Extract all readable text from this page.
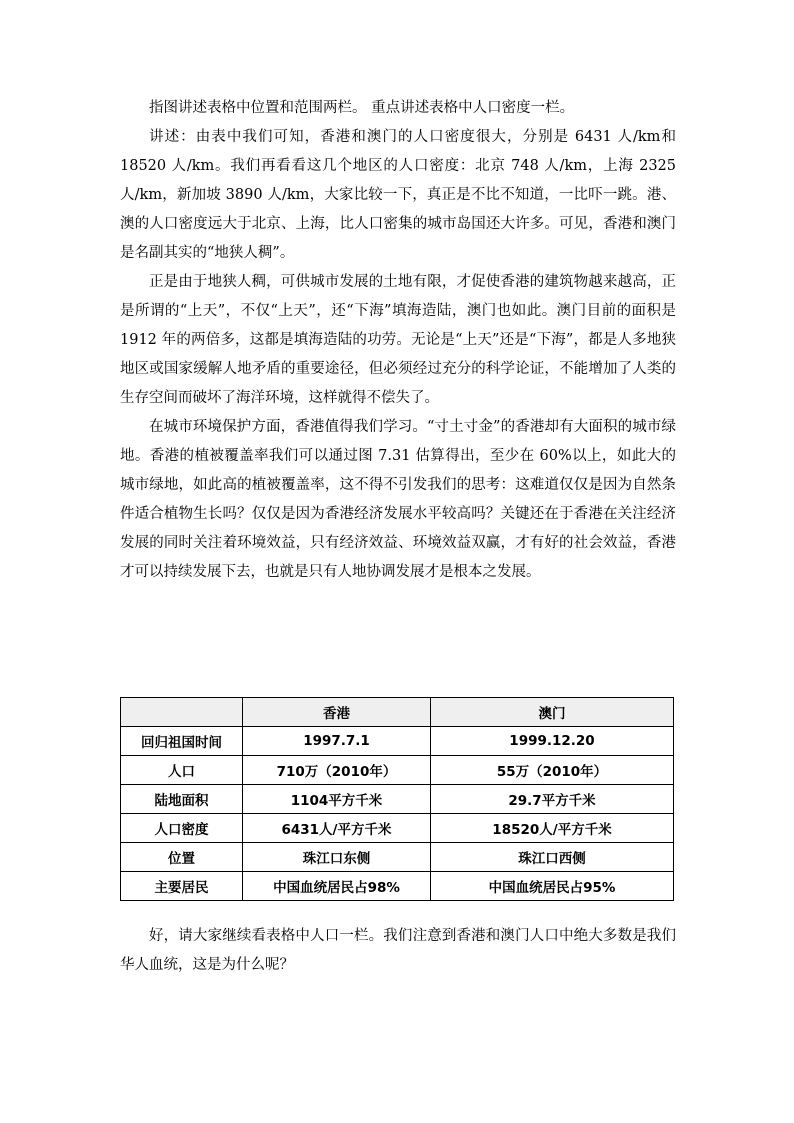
指图讲述表格中位置和范围两栏。 重点讲述表格中人口密度一栏。

讲述：由表中我们可知，香港和澳门的人口密度很大，分别是 6431 人/km和 18520 人/km。我们再看看这几个地区的人口密度：北京 748 人/km，上海 2325人/km，新加坡 3890 人/km，大家比较一下，真正是不比不知道，一比吓一跳。港、澳的人口密度远大于北京、上海，比人口密集的城市岛国还大许多。可见，香港和澳门是名副其实的“地狭人稠”。

正是由于地狭人稠，可供城市发展的土地有限，才促使香港的建筑物越来越高，正是所谓的“上天”，不仅“上天”，还“下海”填海造陆，澳门也如此。澳门目前的面积是 1912 年的两倍多，这都是填海造陆的功劳。无论是“上天”还是“下海”，都是人多地狭地区或国家缓解人地矛盾的重要途径，但必须经过充分的科学论证，不能增加了人类的生存空间而破坏了海洋环境，这样就得不偿失了。

在城市环境保护方面，香港值得我们学习。“寸土寸金”的香港却有大面积的城市绿地。香港的植被覆盖率我们可以通过图 7.31 估算得出，至少在 60%以上，如此大的城市绿地，如此高的植被覆盖率，这不得不引发我们的思考：这难道仅仅是因为自然条件适合植物生长吗？仅仅是因为香港经济发展水平较高吗？关键还在于香港在关注经济发展的同时关注着环境效益，只有经济效益、环境效益双赢，才有好的社会效益，香港才可以持续发展下去，也就是只有人地协调发展才是根本之发展。

	香港	澳门
回归祖国时间	1997.7.1	1999.12.20
人口	710万（2010年）	55万（2010年）
陆地面积	1104平方千米	29.7平方千米
人口密度	6431人/平方千米	18520人/平方千米
位置	珠江口东侧	珠江口西侧
主要居民	中国血统居民占98%	中国血统居民占95%

好，请大家继续看表格中人口一栏。我们注意到香港和澳门人口中绝大多数是我们华人血统，这是为什么呢？
